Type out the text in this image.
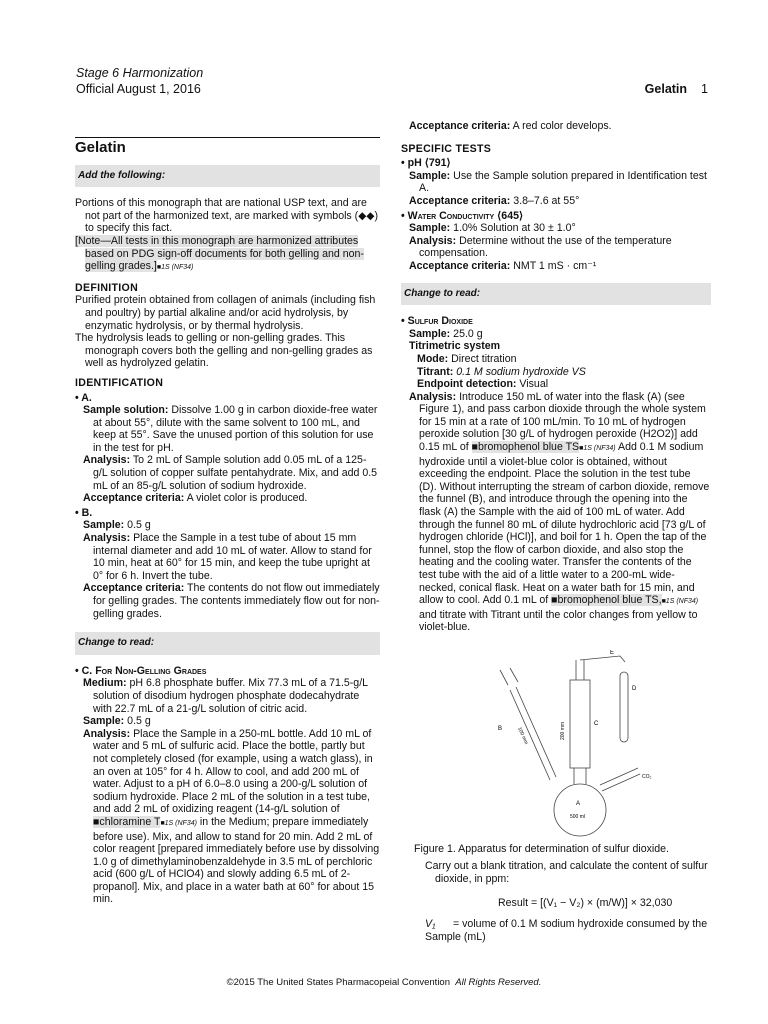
Stage 6 Harmonization
Official August 1, 2016	Gelatin 1
Gelatin
Add the following:

Portions of this monograph that are national USP text, and are not part of the harmonized text, are marked with symbols (◆◆) to specify this fact.

[Note—All tests in this monograph are harmonized attributes based on PDG sign-off documents for both gelling and non-gelling grades.]■1S (NF34)

DEFINITION

Purified protein obtained from collagen of animals (including fish and poultry) by partial alkaline and/or acid hydrolysis, by enzymatic hydrolysis, or by thermal hydrolysis.

The hydrolysis leads to gelling or non-gelling grades. This monograph covers both the gelling and non-gelling grades as well as hydrolyzed gelatin.

IDENTIFICATION

• A.

Sample solution: Dissolve 1.00 g in carbon dioxide-free water at about 55°, dilute with the same solvent to 100 mL, and keep at 55°. Save the unused portion of this solution for use in the test for pH.

Analysis: To 2 mL of Sample solution add 0.05 mL of a 125-g/L solution of copper sulfate pentahydrate. Mix, and add 0.5 mL of an 85-g/L solution of sodium hydroxide.

Acceptance criteria: A violet color is produced.

• B.

Sample: 0.5 g

Analysis: Place the Sample in a test tube of about 15 mm internal diameter and add 10 mL of water. Allow to stand for 10 min, heat at 60° for 15 min, and keep the tube upright at 0° for 6 h. Invert the tube.

Acceptance criteria: The contents do not flow out immediately for gelling grades. The contents immediately flow out for non-gelling grades.

Change to read:

• C. For Non-Gelling Grades

Medium: pH 6.8 phosphate buffer. Mix 77.3 mL of a 71.5-g/L solution of disodium hydrogen phosphate dodecahydrate with 22.7 mL of a 21-g/L solution of citric acid.

Sample: 0.5 g

Analysis: Place the Sample in a 250-mL bottle. Add 10 mL of water and 5 mL of sulfuric acid. Place the bottle, partly but not completely closed (for example, using a watch glass), in an oven at 105° for 4 h. Allow to cool, and add 200 mL of water. Adjust to a pH of 6.0–8.0 using a 200-g/L solution of sodium hydroxide. Place 2 mL of the solution in a test tube, and add 2 mL of oxidizing reagent (14-g/L solution of ■chloramine T■1S (NF34) in the Medium; prepare immediately before use). Mix, and allow to stand for 20 min. Add 2 mL of color reagent [prepared immediately before use by dissolving 1.0 g of dimethylaminobenzaldehyde in 3.5 mL of perchloric acid (600 g/L of HClO4) and slowly adding 6.5 mL of 2-propanol]. Mix, and place in a water bath at 60° for about 15 min.

Acceptance criteria: A red color develops.

SPECIFIC TESTS

• pH ⟨791⟩

Sample: Use the Sample solution prepared in Identification test A.

Acceptance criteria: 3.8–7.6 at 55°

• Water Conductivity ⟨645⟩

Sample: 1.0% Solution at 30 ± 1.0°

Analysis: Determine without the use of the temperature compensation.

Acceptance criteria: NMT 1 mS · cm⁻¹

Change to read:

• Sulfur Dioxide

Sample: 25.0 g

Titrimetric system

Mode: Direct titration

Titrant: 0.1 M sodium hydroxide VS

Endpoint detection: Visual

Analysis: Introduce 150 mL of water into the flask (A) (see Figure 1), and pass carbon dioxide through the whole system for 15 min at a rate of 100 mL/min. To 10 mL of hydrogen peroxide solution [30 g/L of hydrogen peroxide (H2O2)] add 0.15 mL of ■bromophenol blue TS■1S (NF34) Add 0.1 M sodium hydroxide until a violet-blue color is obtained, without exceeding the endpoint. Place the solution in the test tube (D). Without interrupting the stream of carbon dioxide, remove the funnel (B), and introduce through the opening into the flask (A) the Sample with the aid of 100 mL of water. Add through the funnel 80 mL of dilute hydrochloric acid [73 g/L of hydrogen chloride (HCl)], and boil for 1 h. Open the tap of the funnel, stop the flow of carbon dioxide, and also stop the heating and the cooling water. Transfer the contents of the test tube with the aid of a little water to a 200-mL wide-necked, conical flask. Heat on a water bath for 15 min, and allow to cool. Add 0.1 mL of ■bromophenol blue TS,■1S (NF34) and titrate with Titrant until the color changes from yellow to violet-blue.

B
C
D
E
A
500 ml
CO₂
100 mm	200 mm
Figure 1. Apparatus for determination of sulfur dioxide.
Carry out a blank titration, and calculate the content of sulfur dioxide, in ppm:
Result = [(V₁ − V₂) × (m/W)] × 32,030
V₁ = volume of 0.1 M sodium hydroxide consumed by the Sample (mL)
©2015 The United States Pharmacopeial Convention All Rights Reserved.
